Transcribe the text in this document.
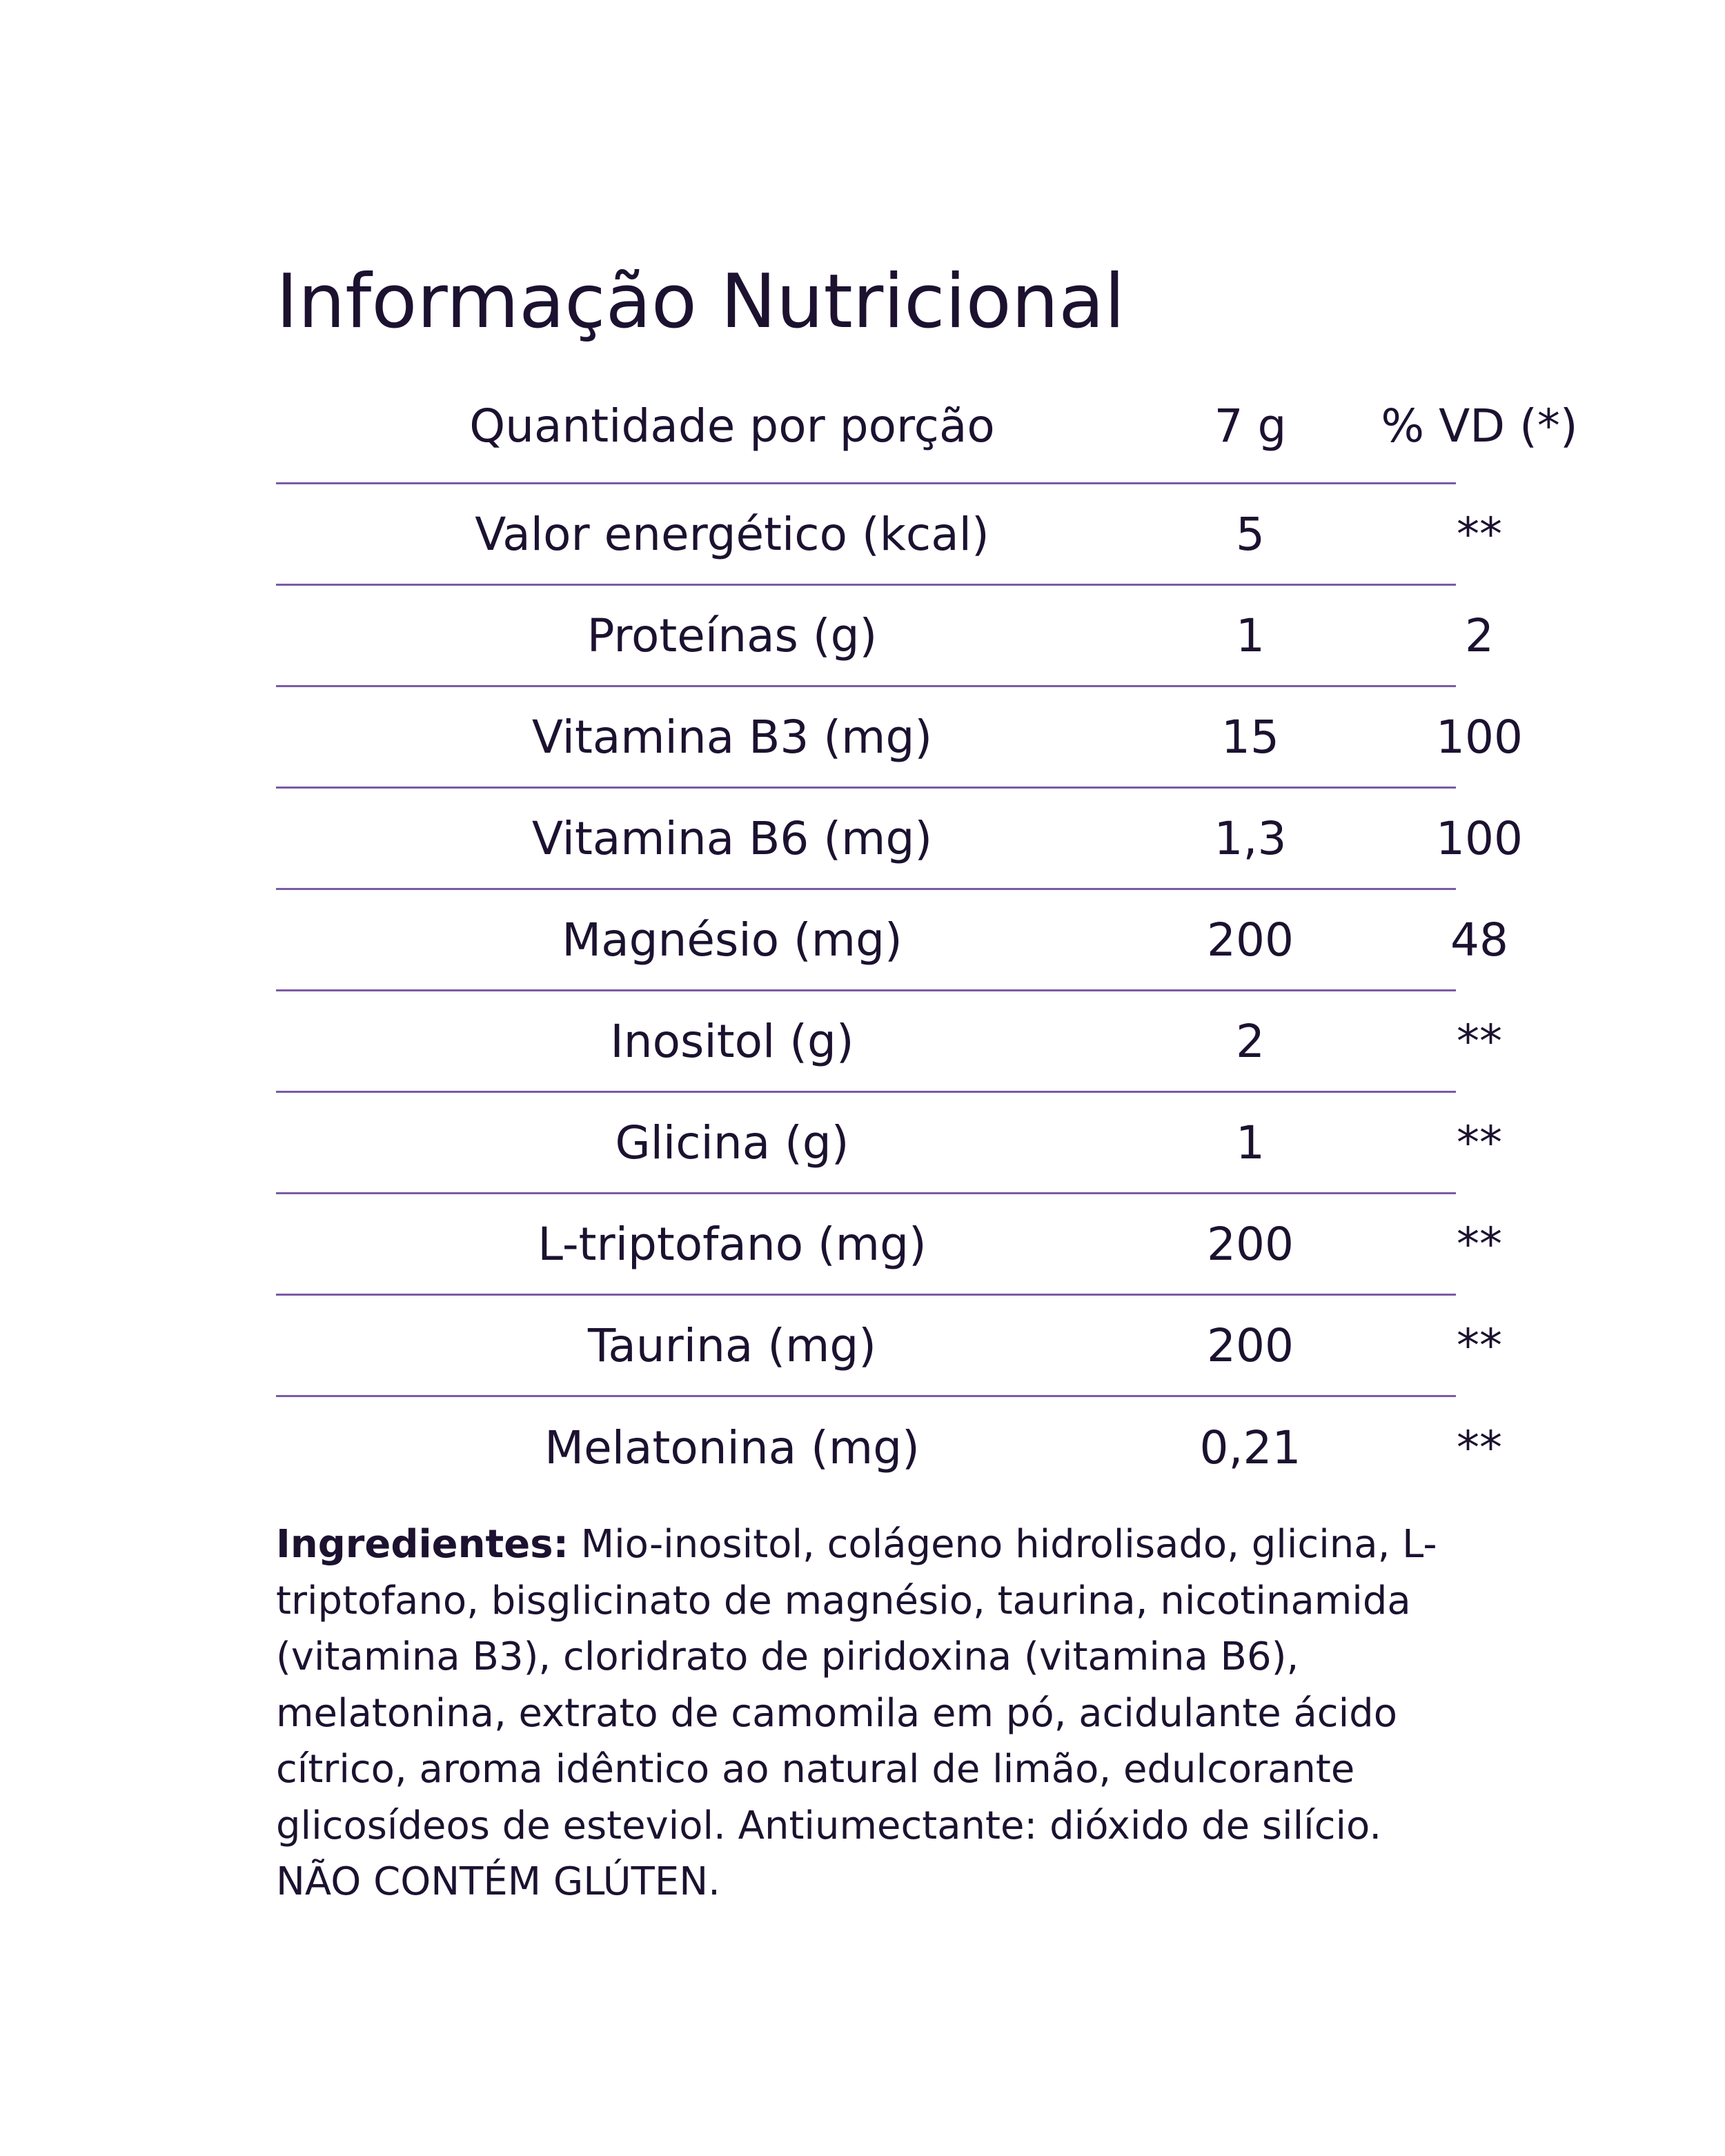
Informação Nutricional
Quantidade por porção	7 g	% VD (*)
Valor energético (kcal)	5	**
Proteínas (g)	1	2
Vitamina B3 (mg)	15	100
Vitamina B6 (mg)	1,3	100
Magnésio (mg)	200	48
Inositol (g)	2	**
Glicina (g)	1	**
L-triptofano (mg)	200	**
Taurina (mg)	200	**
Melatonina (mg)	0,21	**

Ingredientes: Mio-inositol, colágeno hidrolisado, glicina, L-triptofano, bisglicinato de magnésio, taurina, nicotinamida (vitamina B3), cloridrato de piridoxina (vitamina B6), melatonina, extrato de camomila em pó, acidulante ácido cítrico, aroma idêntico ao natural de limão, edulcorante glicosídeos de esteviol. Antiumectante: dióxido de silício. NÃO CONTÉM GLÚTEN.
